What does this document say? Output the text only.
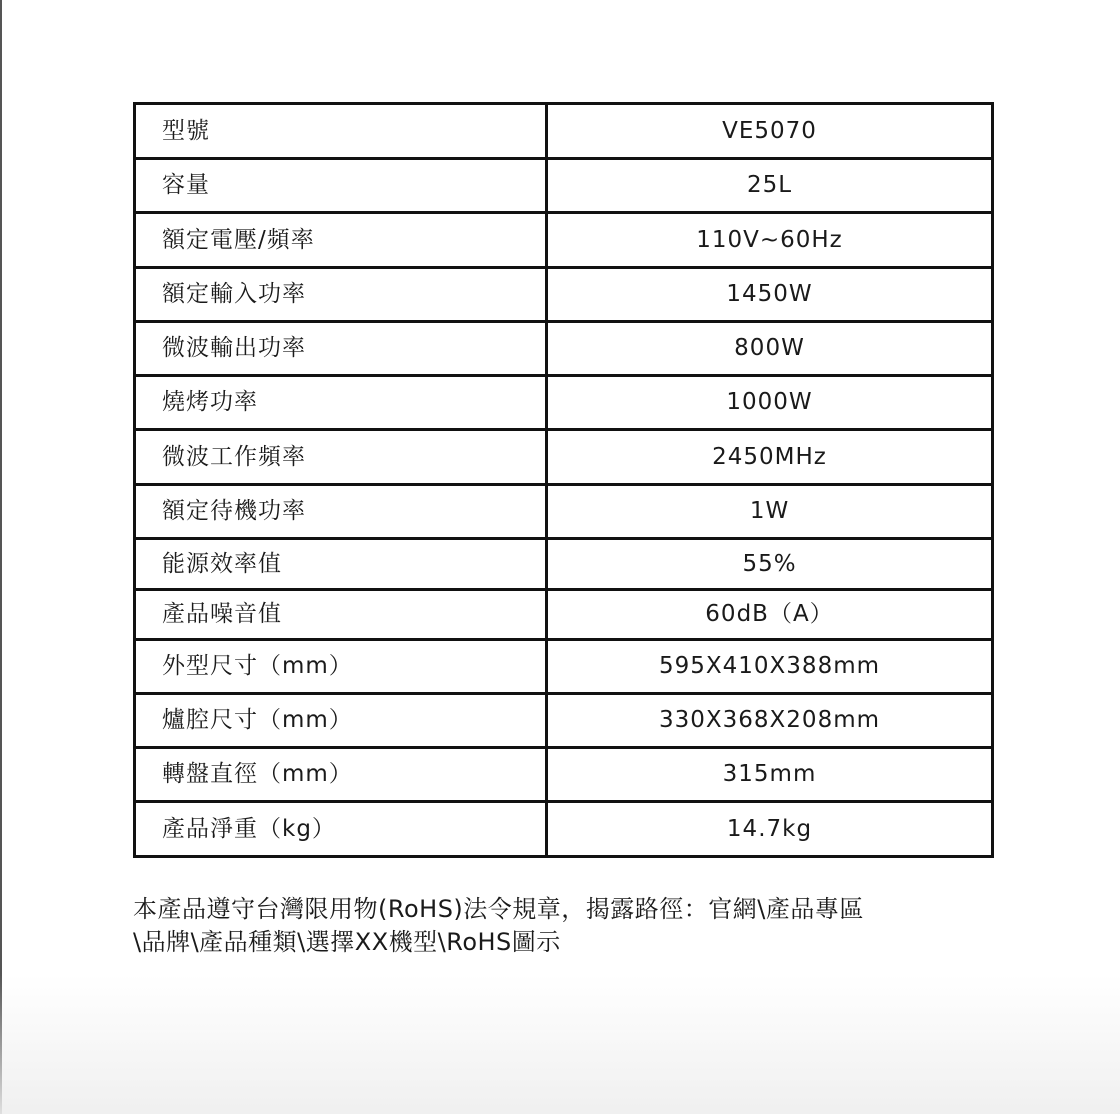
型號	VE5070
容量	25L
額定電壓/頻率	110V~60Hz
額定輸入功率	1450W
微波輸出功率	800W
燒烤功率	1000W
微波工作頻率	2450MHz
額定待機功率	1W
能源效率值	55%
產品噪音值	60dB（A）
外型尺寸（mm）	595X410X388mm
爐腔尺寸（mm）	330X368X208mm
轉盤直徑（mm）	315mm
產品淨重（kg）	14.7kg

本產品遵守台灣限用物(RoHS)法令規章，揭露路徑：官網\產品專區
\品牌\產品種類\選擇XX機型\RoHS圖示
